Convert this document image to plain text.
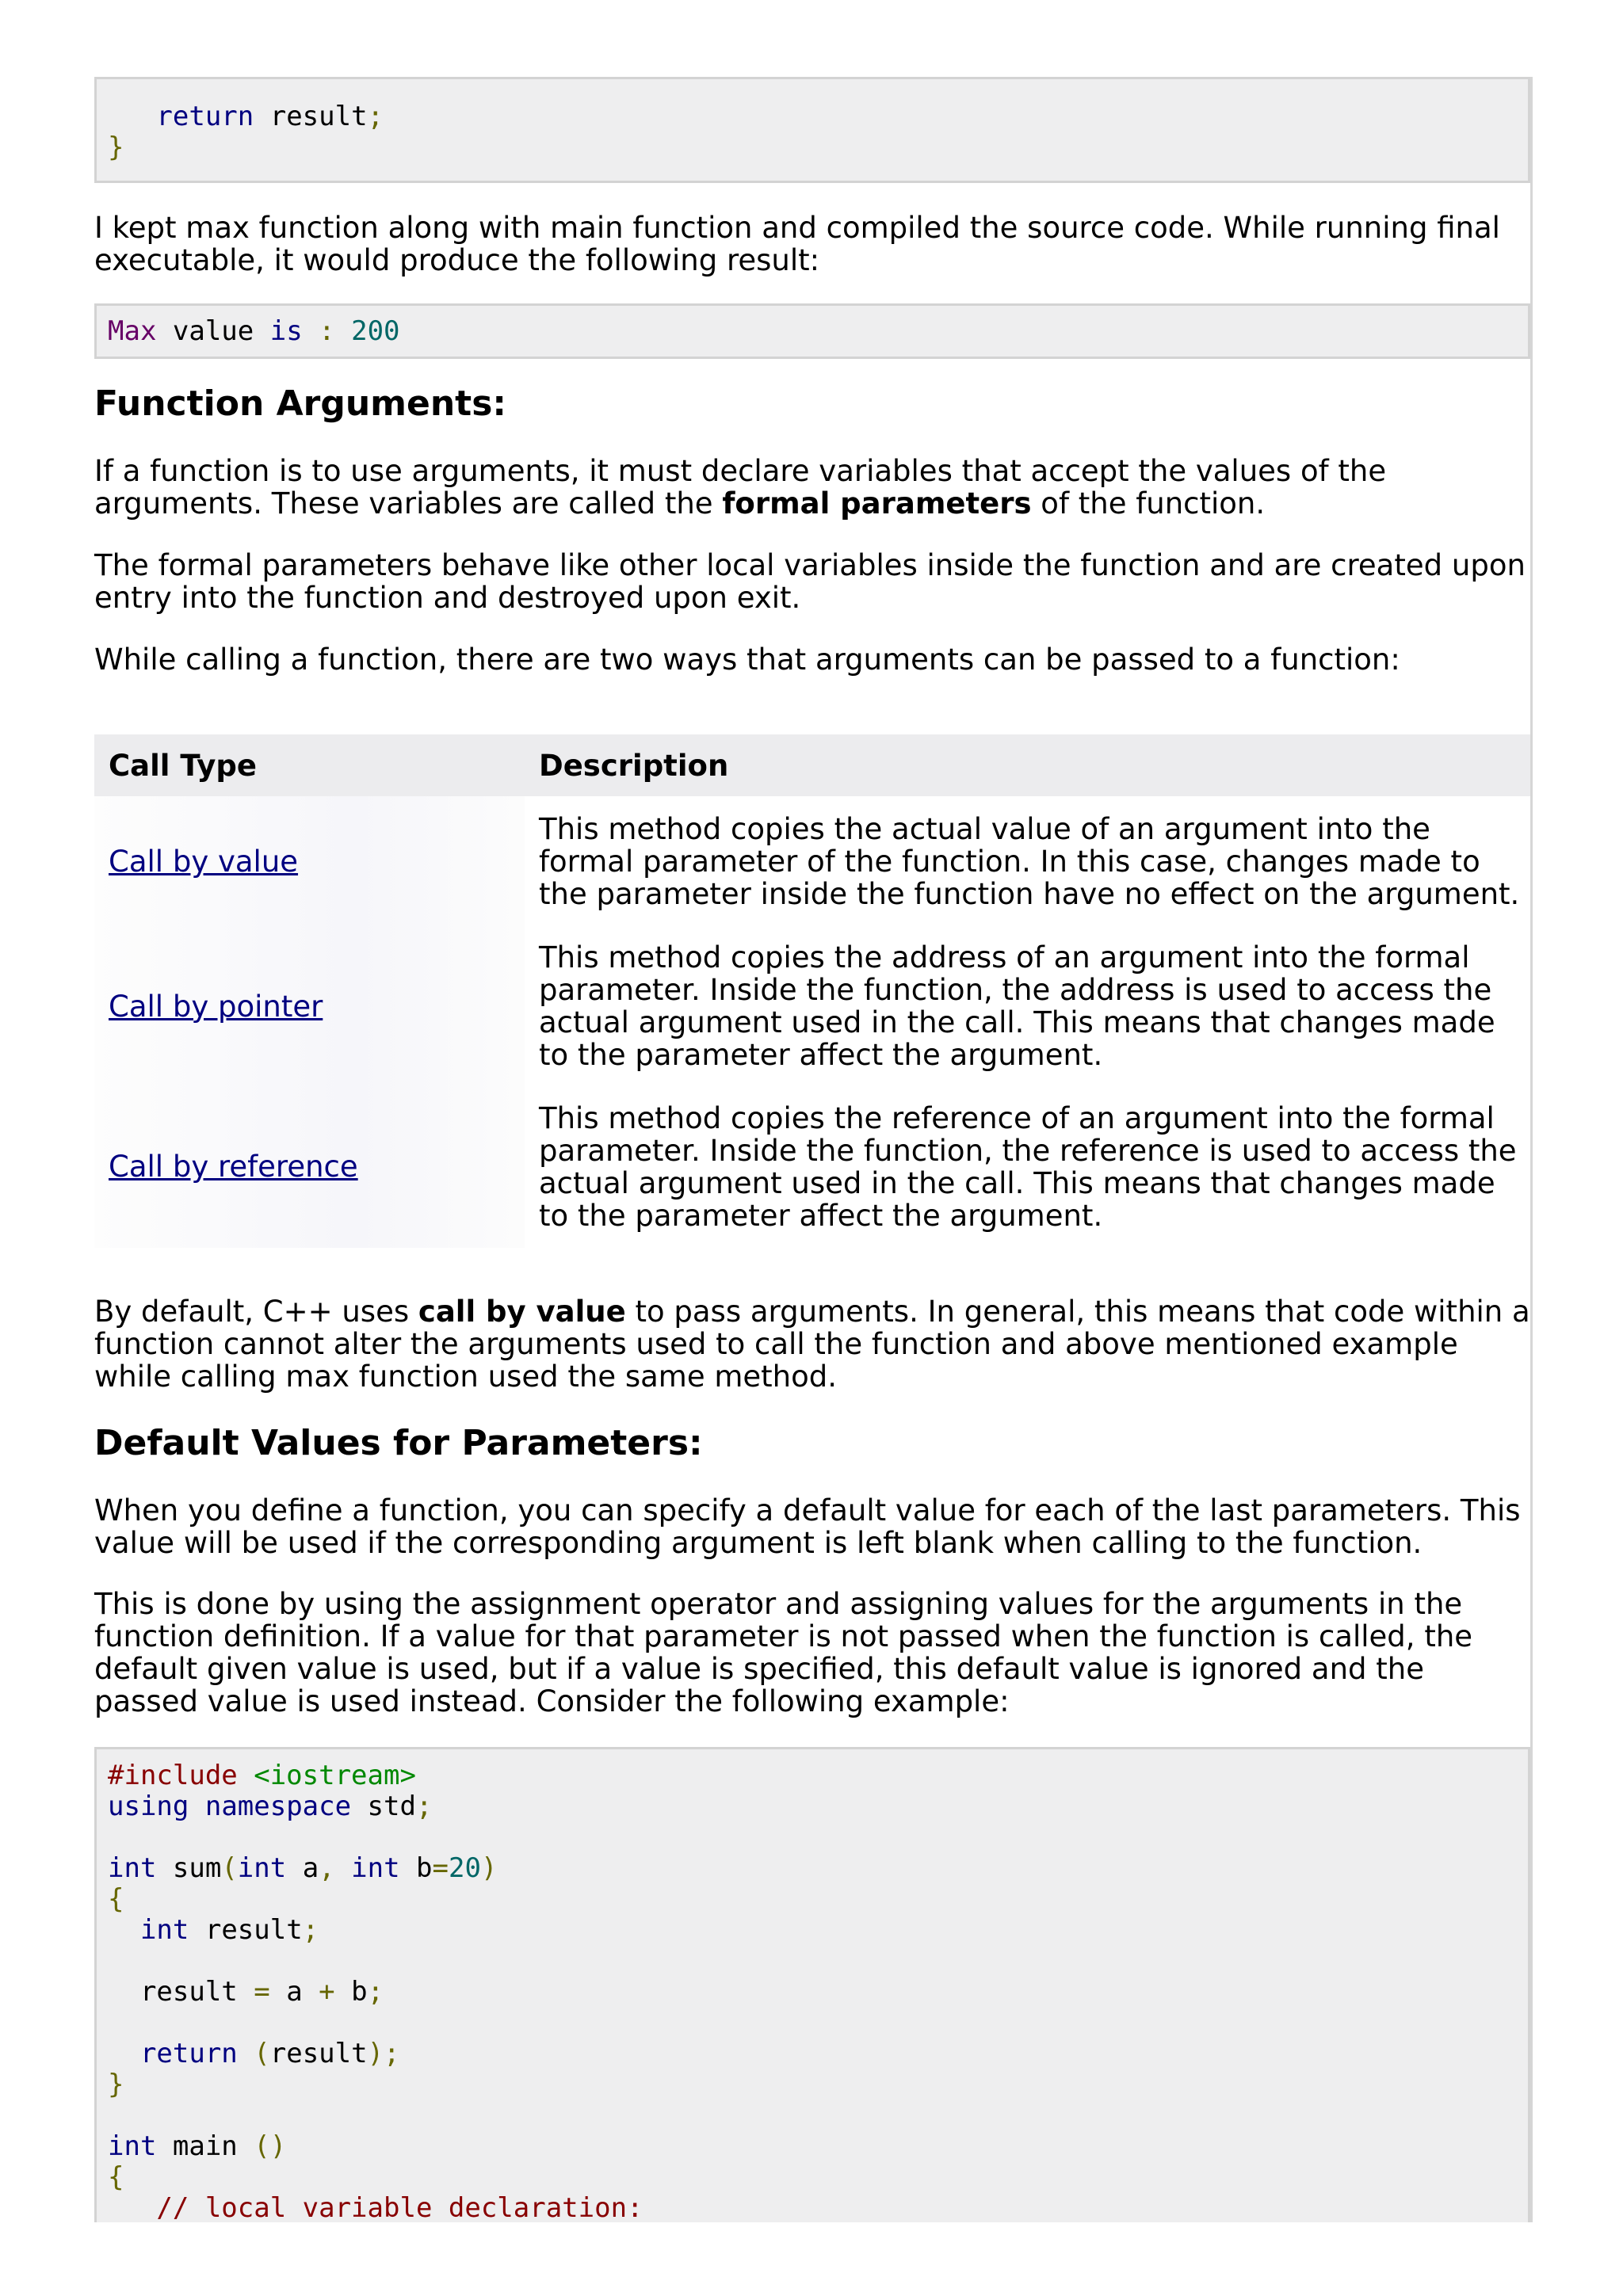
return result;
}

I kept max function along with main function and compiled the source code. While running final executable, it would produce the following result:

Max value is : 200
Function Arguments:

If a function is to use arguments, it must declare variables that accept the values of the arguments. These variables are called the formal parameters of the function.

The formal parameters behave like other local variables inside the function and are created upon entry into the function and destroyed upon exit.

While calling a function, there are two ways that arguments can be passed to a function:

Call Type	Description
Call by value	This method copies the actual value of an argument into the formal parameter of the function. In this case, changes made to the parameter inside the function have no effect on the argument.
Call by pointer	This method copies the address of an argument into the formal parameter. Inside the function, the address is used to access the actual argument used in the call. This means that changes made to the parameter affect the argument.
Call by reference	This method copies the reference of an argument into the formal parameter. Inside the function, the reference is used to access the actual argument used in the call. This means that changes made to the parameter affect the argument.

By default, C++ uses call by value to pass arguments. In general, this means that code within a function cannot alter the arguments used to call the function and above mentioned example while calling max function used the same method.

Default Values for Parameters:

When you define a function, you can specify a default value for each of the last parameters. This value will be used if the corresponding argument is left blank when calling to the function.

This is done by using the assignment operator and assigning values for the arguments in the function definition. If a value for that parameter is not passed when the function is called, the default given value is used, but if a value is specified, this default value is ignored and the passed value is used instead. Consider the following example:

#include <iostream>
using namespace std;

int sum(int a, int b=20)
{
int result;

result = a + b;

return (result);
}

int main ()
{
// local variable declaration:
